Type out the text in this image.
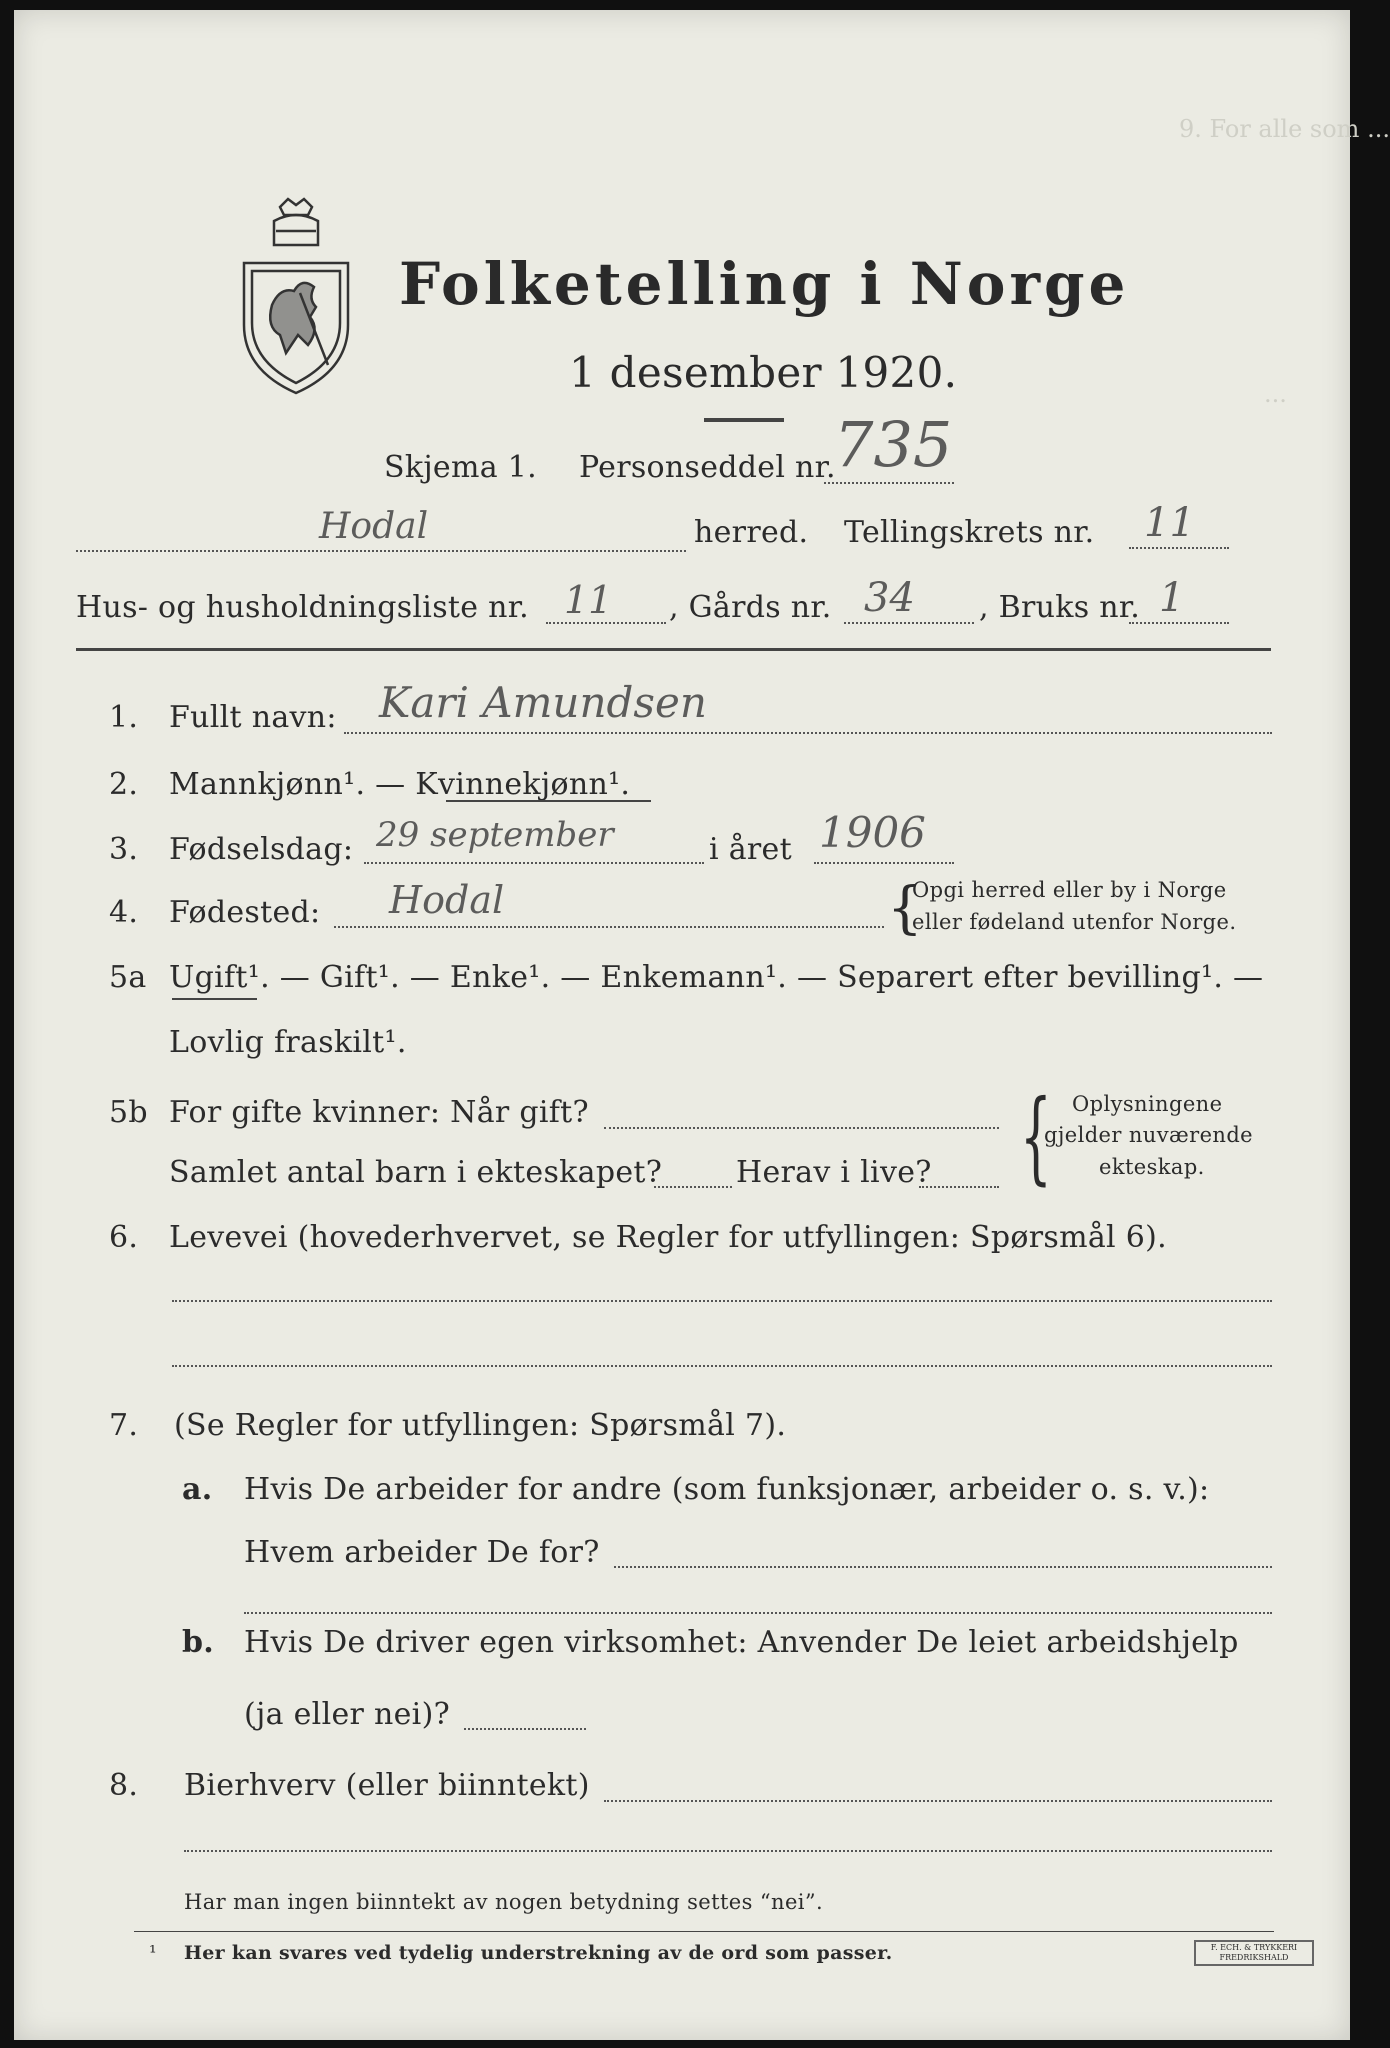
9. For alle som ...
...
Folketelling i Norge
1 desember 1920.
Skjema 1. Personseddel nr.
735
Hodal	herred. Tellingskrets nr. 11
Hus- og husholdningsliste nr. 11 , Gårds nr. 34 , Bruks nr. 1
1. Fullt navn: Kari Amundsen
2. Mannkjønn¹. — Kvinnekjønn¹.
3. Fødselsdag: 29 september	i året 1906
4. Fødested: Hodal	{
Opgi herred eller by i Norge
eller fødeland utenfor Norge.
5a Ugift¹. — Gift¹. — Enke¹. — Enkemann¹. — Separert efter bevilling¹. —
Lovlig fraskilt¹.
5b For gifte kvinner: Når gift?
Samlet antal barn i ekteskapet? Herav i live? { Oplysningene
gjelder nuværende
ekteskap.
6. Levevei (hovederhvervet, se Regler for utfyllingen: Spørsmål 6).
7. (Se Regler for utfyllingen: Spørsmål 7).
a. Hvis De arbeider for andre (som funksjonær, arbeider o. s. v.):
Hvem arbeider De for?
b. Hvis De driver egen virksomhet: Anvender De leiet arbeidshjelp
(ja eller nei)?
8. Bierhverv (eller biinntekt)
Har man ingen biinntekt av nogen betydning settes “nei”.
¹ Her kan svares ved tydelig understrekning av de ord som passer.	F. ECH. & TRYKKERI
FREDRIKSHALD
